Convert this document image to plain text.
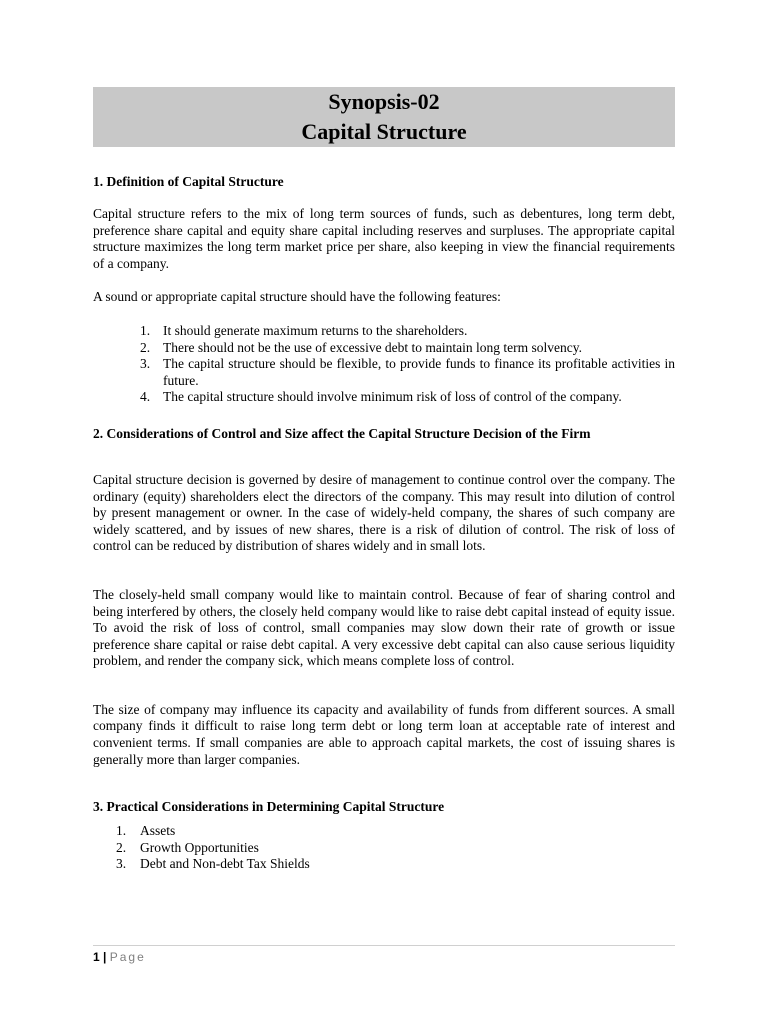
Synopsis-02
Capital Structure
1. Definition of Capital Structure

Capital structure refers to the mix of long term sources of funds, such as debentures, long term debt, preference share capital and equity share capital including reserves and surpluses. The appropriate capital structure maximizes the long term market price per share, also keeping in view the financial requirements of a company.

A sound or appropriate capital structure should have the following features:

1. It should generate maximum returns to the shareholders.
2. There should not be the use of excessive debt to maintain long term solvency.
3. The capital structure should be flexible, to provide funds to finance its profitable activities in future.
4. The capital structure should involve minimum risk of loss of control of the company.
2. Considerations of Control and Size affect the Capital Structure Decision of the Firm

Capital structure decision is governed by desire of management to continue control over the company. The ordinary (equity) shareholders elect the directors of the company. This may result into dilution of control by present management or owner. In the case of widely-held company, the shares of such company are widely scattered, and by issues of new shares, there is a risk of dilution of control. The risk of loss of control can be reduced by distribution of shares widely and in small lots.

The closely-held small company would like to maintain control. Because of fear of sharing control and being interfered by others, the closely held company would like to raise debt capital instead of equity issue. To avoid the risk of loss of control, small companies may slow down their rate of growth or issue preference share capital or raise debt capital. A very excessive debt capital can also cause serious liquidity problem, and render the company sick, which means complete loss of control.

The size of company may influence its capacity and availability of funds from different sources. A small company finds it difficult to raise long term debt or long term loan at acceptable rate of interest and convenient terms. If small companies are able to approach capital markets, the cost of issuing shares is generally more than larger companies.

3. Practical Considerations in Determining Capital Structure
1. Assets
2. Growth Opportunities
3. Debt and Non-debt Tax Shields
1 | Page
